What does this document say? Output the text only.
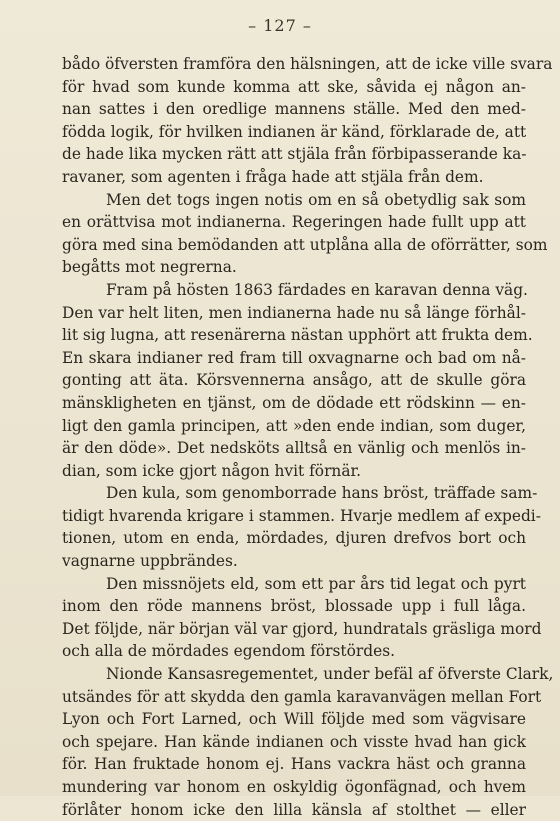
– 127 –
bådo öfversten framföra den hälsningen, att de icke ville svara
för hvad som kunde komma att ske, såvida ej någon an-
nan sattes i den oredlige mannens ställe. Med den med-
födda logik, för hvilken indianen är känd, förklarade de, att
de hade lika mycken rätt att stjäla från förbipasserande ka-
ravaner, som agenten i fråga hade att stjäla från dem.
Men det togs ingen notis om en så obetydlig sak som
en orättvisa mot indianerna. Regeringen hade fullt upp att
göra med sina bemödanden att utplåna alla de oförrätter, som
begåtts mot negrerna.
Fram på hösten 1863 färdades en karavan denna väg.
Den var helt liten, men indianerna hade nu så länge förhål-
lit sig lugna, att resenärerna nästan upphört att frukta dem.
En skara indianer red fram till oxvagnarne och bad om nå-
gonting att äta. Körsvennerna ansågo, att de skulle göra
mänskligheten en tjänst, om de dödade ett rödskinn — en-
ligt den gamla principen, att »den ende indian, som duger,
är den döde». Det nedsköts alltså en vänlig och menlös in-
dian, som icke gjort någon hvit förnär.
Den kula, som genomborrade hans bröst, träffade sam-
tidigt hvarenda krigare i stammen. Hvarje medlem af expedi-
tionen, utom en enda, mördades, djuren drefvos bort och
vagnarne uppbrändes.
Den missnöjets eld, som ett par års tid legat och pyrt
inom den röde mannens bröst, blossade upp i full låga.
Det följde, när början väl var gjord, hundratals gräsliga mord
och alla de mördades egendom förstördes.
Nionde Kansasregementet, under befäl af öfverste Clark,
utsändes för att skydda den gamla karavanvägen mellan Fort
Lyon och Fort Larned, och Will följde med som vägvisare
och spejare. Han kände indianen och visste hvad han gick
för. Han fruktade honom ej. Hans vackra häst och granna
mundering var honom en oskyldig ögonfägnad, och hvem
förlåter honom icke den lilla känsla af stolthet — eller
